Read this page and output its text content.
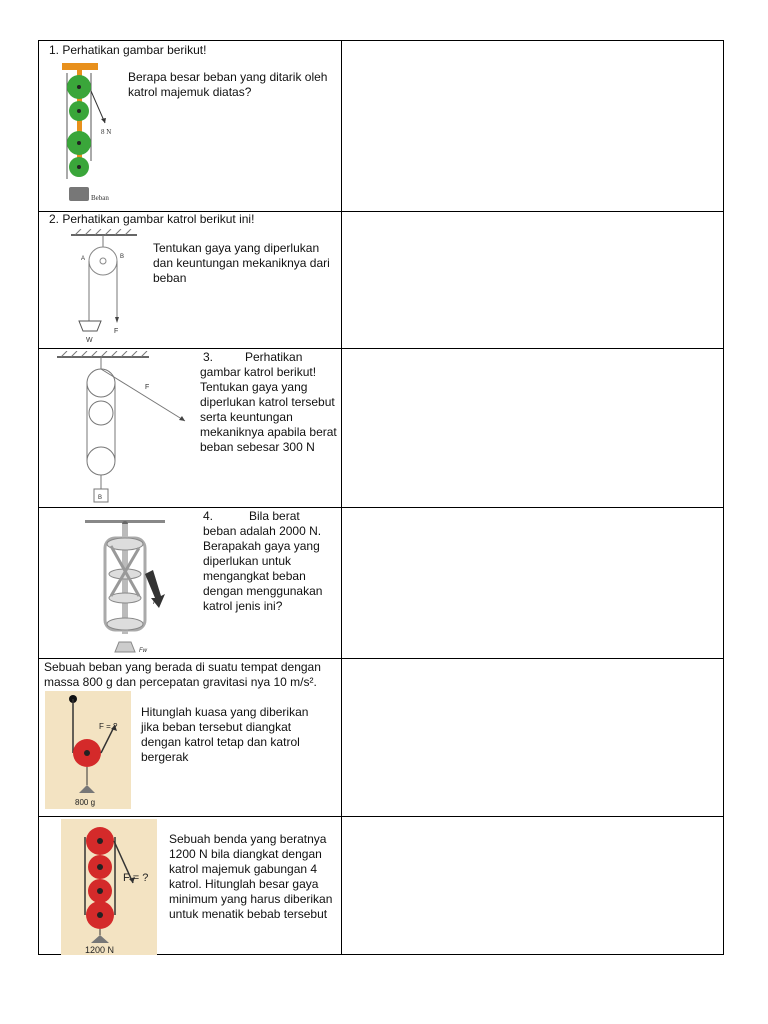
1. Perhatikan gambar berikut!
8 N
Beban
Berapa besar beban yang ditarik oleh katrol majemuk diatas?
2. Perhatikan gambar katrol berikut ini!
A	B
W
F
Tentukan gaya yang diperlukan dan keuntungan mekaniknya dari beban
F
B
3.	Perhatikan
gambar katrol berikut! Tentukan gaya yang diperlukan katrol tersebut serta keuntungan mekaniknya apabila berat beban sebesar 300 N
F
Fw
4.	Bila berat
beban adalah 2000 N. Berapakah gaya yang diperlukan untuk mengangkat beban dengan menggunakan katrol jenis ini?
Sebuah beban yang berada di suatu tempat dengan massa 800 g dan percepatan gravitasi nya 10 m/s².
F = ?
800 g
Hitunglah kuasa yang diberikan jika beban tersebut diangkat dengan katrol tetap dan katrol bergerak
F = ?
1200 N
Sebuah benda yang beratnya 1200 N bila diangkat dengan katrol majemuk gabungan 4 katrol. Hitunglah besar gaya minimum yang harus diberikan untuk menatik bebab tersebut
